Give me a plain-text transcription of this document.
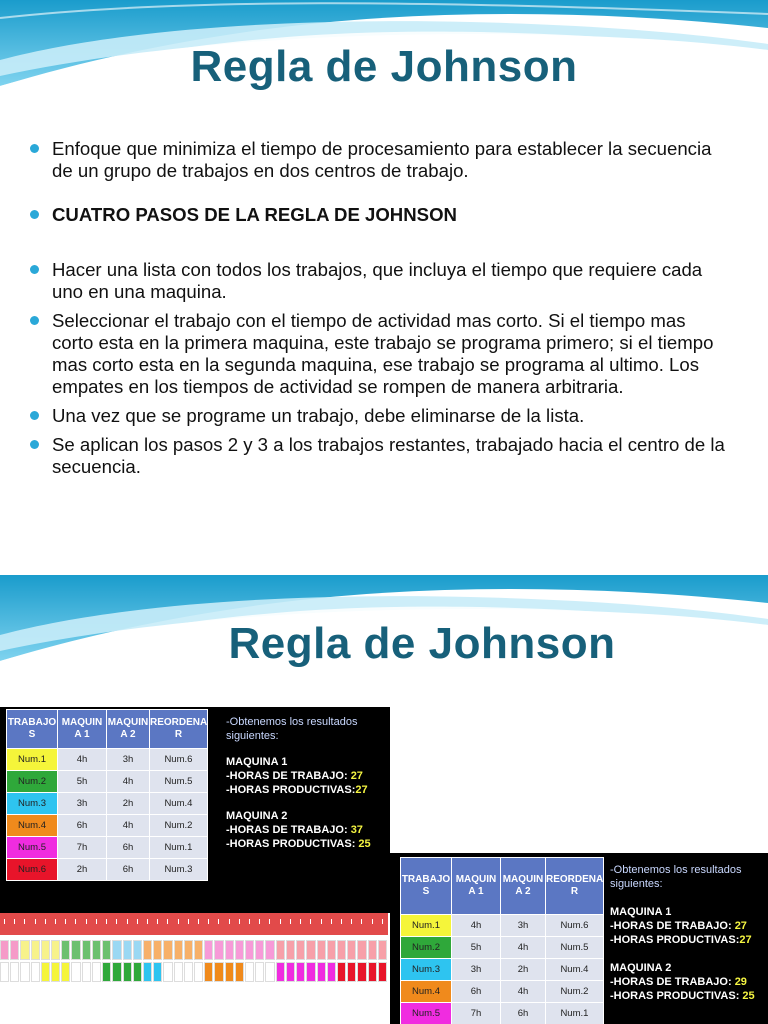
Regla de Johnson
Enfoque que minimiza el tiempo de procesamiento para establecer la secuencia de un grupo de trabajos en dos centros de trabajo.
CUATRO PASOS DE LA REGLA DE JOHNSON
Hacer una lista con todos los trabajos, que incluya el tiempo que requiere cada uno en una maquina.
Seleccionar el trabajo con el tiempo de actividad mas corto. Si el tiempo mas corto esta en la primera maquina, este trabajo se programa primero; si el tiempo mas corto esta en la segunda maquina, ese trabajo se programa al ultimo. Los empates en los tiempos de actividad se rompen de manera arbitraria.
Una vez que se programe un trabajo, debe eliminarse de la lista.
Se aplican los pasos 2 y 3 a los trabajos restantes, trabajado hacia el centro de la secuencia.
Regla de Johnson
TRABAJO S	MAQUIN A 1	MAQUIN A 2	REORDENA R
Num.1	4h	3h	Num.6
Num.2	5h	4h	Num.5
Num.3	3h	2h	Num.4
Num.4	6h	4h	Num.2
Num.5	7h	6h	Num.1
Num.6	2h	6h	Num.3
-Obtenemos los resultados
siguientes:
MAQUINA 1
-HORAS DE TRABAJO: 27
-HORAS PRODUCTIVAS:27
MAQUINA 2
-HORAS DE TRABAJO: 37
-HORAS PRODUCTIVAS: 25
TRABAJO S	MAQUIN A 1	MAQUIN A 2	REORDENA R
Num.1	4h	3h	Num.6
Num.2	5h	4h	Num.5
Num.3	3h	2h	Num.4
Num.4	6h	4h	Num.2
Num.5	7h	6h	Num.1
-Obtenemos los resultados
siguientes:
MAQUINA 1
-HORAS DE TRABAJO: 27
-HORAS PRODUCTIVAS:27
MAQUINA 2
-HORAS DE TRABAJO: 29
-HORAS PRODUCTIVAS: 25
